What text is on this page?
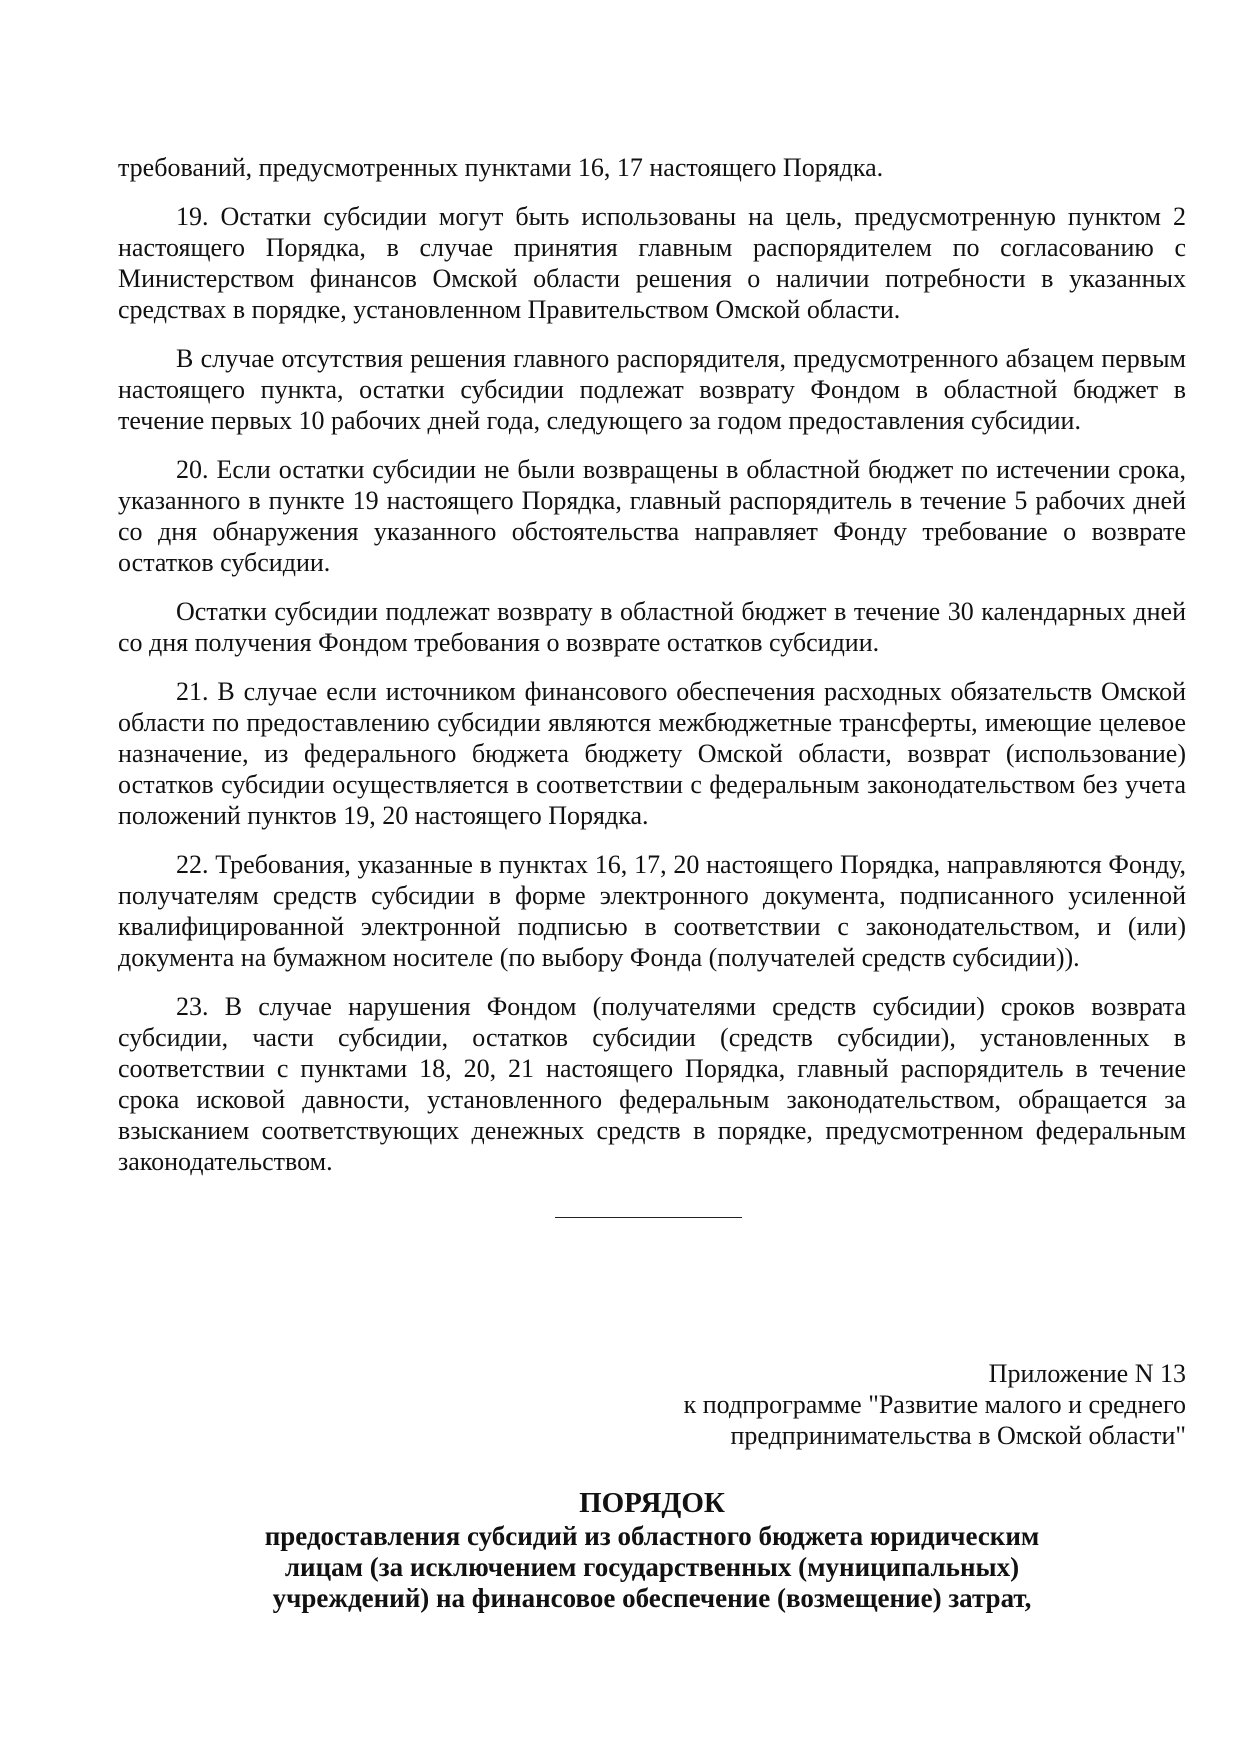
требований, предусмотренных пунктами 16, 17 настоящего Порядка.

19. Остатки субсидии могут быть использованы на цель, предусмотренную пунктом 2 настоящего Порядка, в случае принятия главным распорядителем по согласованию с Министерством финансов Омской области решения о наличии потребности в указанных средствах в порядке, установленном Правительством Омской области.

В случае отсутствия решения главного распорядителя, предусмотренного абзацем первым настоящего пункта, остатки субсидии подлежат возврату Фондом в областной бюджет в течение первых 10 рабочих дней года, следующего за годом предоставления субсидии.

20. Если остатки субсидии не были возвращены в областной бюджет по истечении срока, указанного в пункте 19 настоящего Порядка, главный распорядитель в течение 5 рабочих дней со дня обнаружения указанного обстоятельства направляет Фонду требование о возврате остатков субсидии.

Остатки субсидии подлежат возврату в областной бюджет в течение 30 календарных дней со дня получения Фондом требования о возврате остатков субсидии.

21. В случае если источником финансового обеспечения расходных обязательств Омской области по предоставлению субсидии являются межбюджетные трансферты, имеющие целевое назначение, из федерального бюджета бюджету Омской области, возврат (использование) остатков субсидии осуществляется в соответствии с федеральным законодательством без учета положений пунктов 19, 20 настоящего Порядка.

22. Требования, указанные в пунктах 16, 17, 20 настоящего Порядка, направляются Фонду, получателям средств субсидии в форме электронного документа, подписанного усиленной квалифицированной электронной подписью в соответствии с законодательством, и (или) документа на бумажном носителе (по выбору Фонда (получателей средств субсидии)).

23. В случае нарушения Фондом (получателями средств субсидии) сроков возврата субсидии, части субсидии, остатков субсидии (средств субсидии), установленных в соответствии с пунктами 18, 20, 21 настоящего Порядка, главный распорядитель в течение срока исковой давности, установленного федеральным законодательством, обращается за взысканием соответствующих денежных средств в порядке, предусмотренном федеральным законодательством.

Приложение N 13
к подпрограмме "Развитие малого и среднего
предпринимательства в Омской области"
ПОРЯДОК
предоставления субсидий из областного бюджета юридическим
лицам (за исключением государственных (муниципальных)
учреждений) на финансовое обеспечение (возмещение) затрат,
